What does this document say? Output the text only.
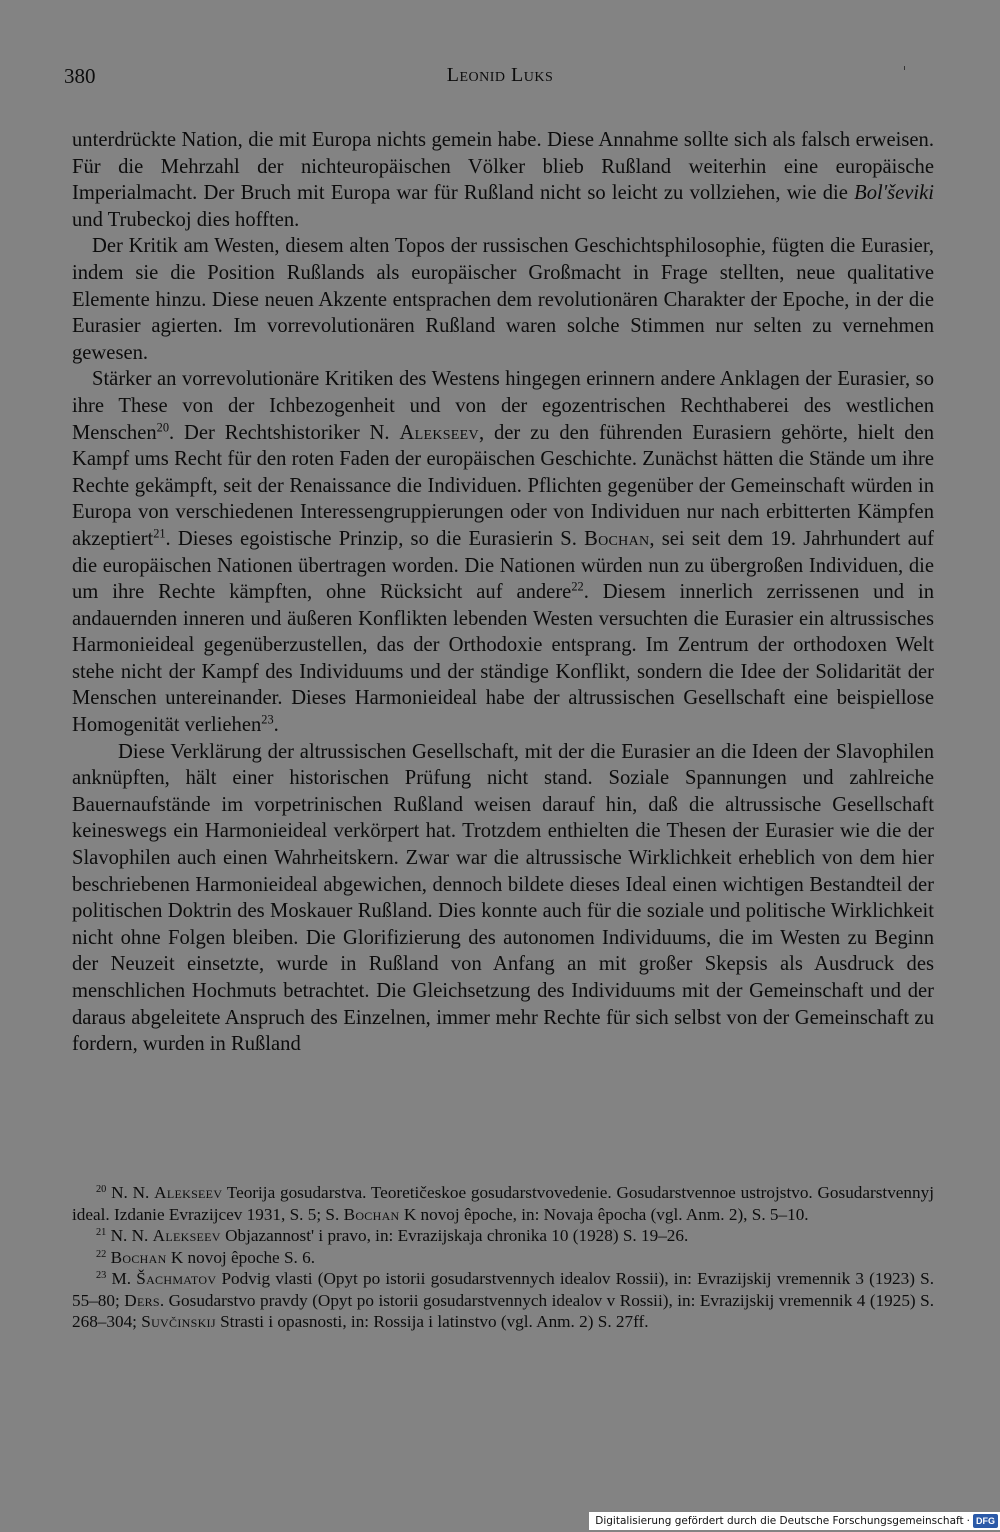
380	Leonid Luks

unterdrückte Nation, die mit Europa nichts gemein habe. Diese Annahme sollte sich als falsch erweisen. Für die Mehrzahl der nichteuropäischen Völker blieb Rußland weiterhin eine europäische Imperialmacht. Der Bruch mit Europa war für Rußland nicht so leicht zu vollziehen, wie die Bol'ševiki und Trubeckoj dies hofften.

Der Kritik am Westen, diesem alten Topos der russischen Geschichtsphilosophie, fügten die Eurasier, indem sie die Position Rußlands als europäischer Großmacht in Frage stellten, neue qualitative Elemente hinzu. Diese neuen Akzente entsprachen dem revolutionären Charakter der Epoche, in der die Eurasier agierten. Im vorrevolutionären Rußland waren solche Stimmen nur selten zu vernehmen gewesen.

Stärker an vorrevolutionäre Kritiken des Westens hingegen erinnern andere Anklagen der Eurasier, so ihre These von der Ichbezogenheit und von der egozentrischen Rechthaberei des westlichen Menschen$^{20}$. Der Rechtshistoriker N. Alekseev, der zu den führenden Eurasiern gehörte, hielt den Kampf ums Recht für den roten Faden der europäischen Geschichte. Zunächst hätten die Stände um ihre Rechte gekämpft, seit der Renaissance die Individuen. Pflichten gegenüber der Gemeinschaft würden in Europa von verschiedenen Interessengruppierungen oder von Individuen nur nach erbitterten Kämpfen akzeptiert$^{21}$. Dieses egoistische Prinzip, so die Eurasierin S. Bochan, sei seit dem 19. Jahrhundert auf die europäischen Nationen übertragen worden. Die Nationen würden nun zu übergroßen Individuen, die um ihre Rechte kämpften, ohne Rücksicht auf andere$^{22}$. Diesem innerlich zerrissenen und in andauernden inneren und äußeren Konflikten lebenden Westen versuchten die Eurasier ein altrussisches Harmonieideal gegenüberzustellen, das der Orthodoxie entsprang. Im Zentrum der orthodoxen Welt stehe nicht der Kampf des Individuums und der ständige Konflikt, sondern die Idee der Solidarität der Menschen untereinander. Dieses Harmonieideal habe der altrussischen Gesellschaft eine beispiellose Homogenität verliehen$^{23}$.

Diese Verklärung der altrussischen Gesellschaft, mit der die Eurasier an die Ideen der Slavophilen anknüpften, hält einer historischen Prüfung nicht stand. Soziale Spannungen und zahlreiche Bauernaufstände im vorpetrinischen Rußland weisen darauf hin, daß die altrussische Gesellschaft keineswegs ein Harmonieideal verkörpert hat. Trotzdem enthielten die Thesen der Eurasier wie die der Slavophilen auch einen Wahrheitskern. Zwar war die altrussische Wirklichkeit erheblich von dem hier beschriebenen Harmonieideal abgewichen, dennoch bildete dieses Ideal einen wichtigen Bestandteil der politischen Doktrin des Moskauer Rußland. Dies konnte auch für die soziale und politische Wirklichkeit nicht ohne Folgen bleiben. Die Glorifizierung des autonomen Individuums, die im Westen zu Beginn der Neuzeit einsetzte, wurde in Rußland von Anfang an mit großer Skepsis als Ausdruck des menschlichen Hochmuts betrachtet. Die Gleichsetzung des Individuums mit der Gemeinschaft und der daraus abgeleitete Anspruch des Einzelnen, immer mehr Rechte für sich selbst von der Gemeinschaft zu fordern, wurden in Rußland

$^{20}$ N. N. Alekseev Teorija gosudarstva. Teoretičeskoe gosudarstvovedenie. Gosudarstvennoe ustrojstvo. Gosudarstvennyj ideal. Izdanie Evrazijcev 1931, S. 5; S. Bochan K novoj êpoche, in: Novaja êpocha (vgl. Anm. 2), S. 5–10.

$^{21}$ N. N. Alekseev Objazannost' i pravo, in: Evrazijskaja chronika 10 (1928) S. 19–26.

$^{22}$ Bochan K novoj êpoche S. 6.

$^{23}$ M. Šachmatov Podvig vlasti (Opyt po istorii gosudarstvennych idealov Rossii), in: Evrazijskij vremennik 3 (1923) S. 55–80; Ders. Gosudarstvo pravdy (Opyt po istorii gosudarstvennych idealov v Rossii), in: Evrazijskij vremennik 4 (1925) S. 268–304; Suvčinskij Strasti i opasnosti, in: Rossija i latinstvo (vgl. Anm. 2) S. 27ff.

Digitalisierung gefördert durch die Deutsche Forschungsgemeinschaft · DFG
